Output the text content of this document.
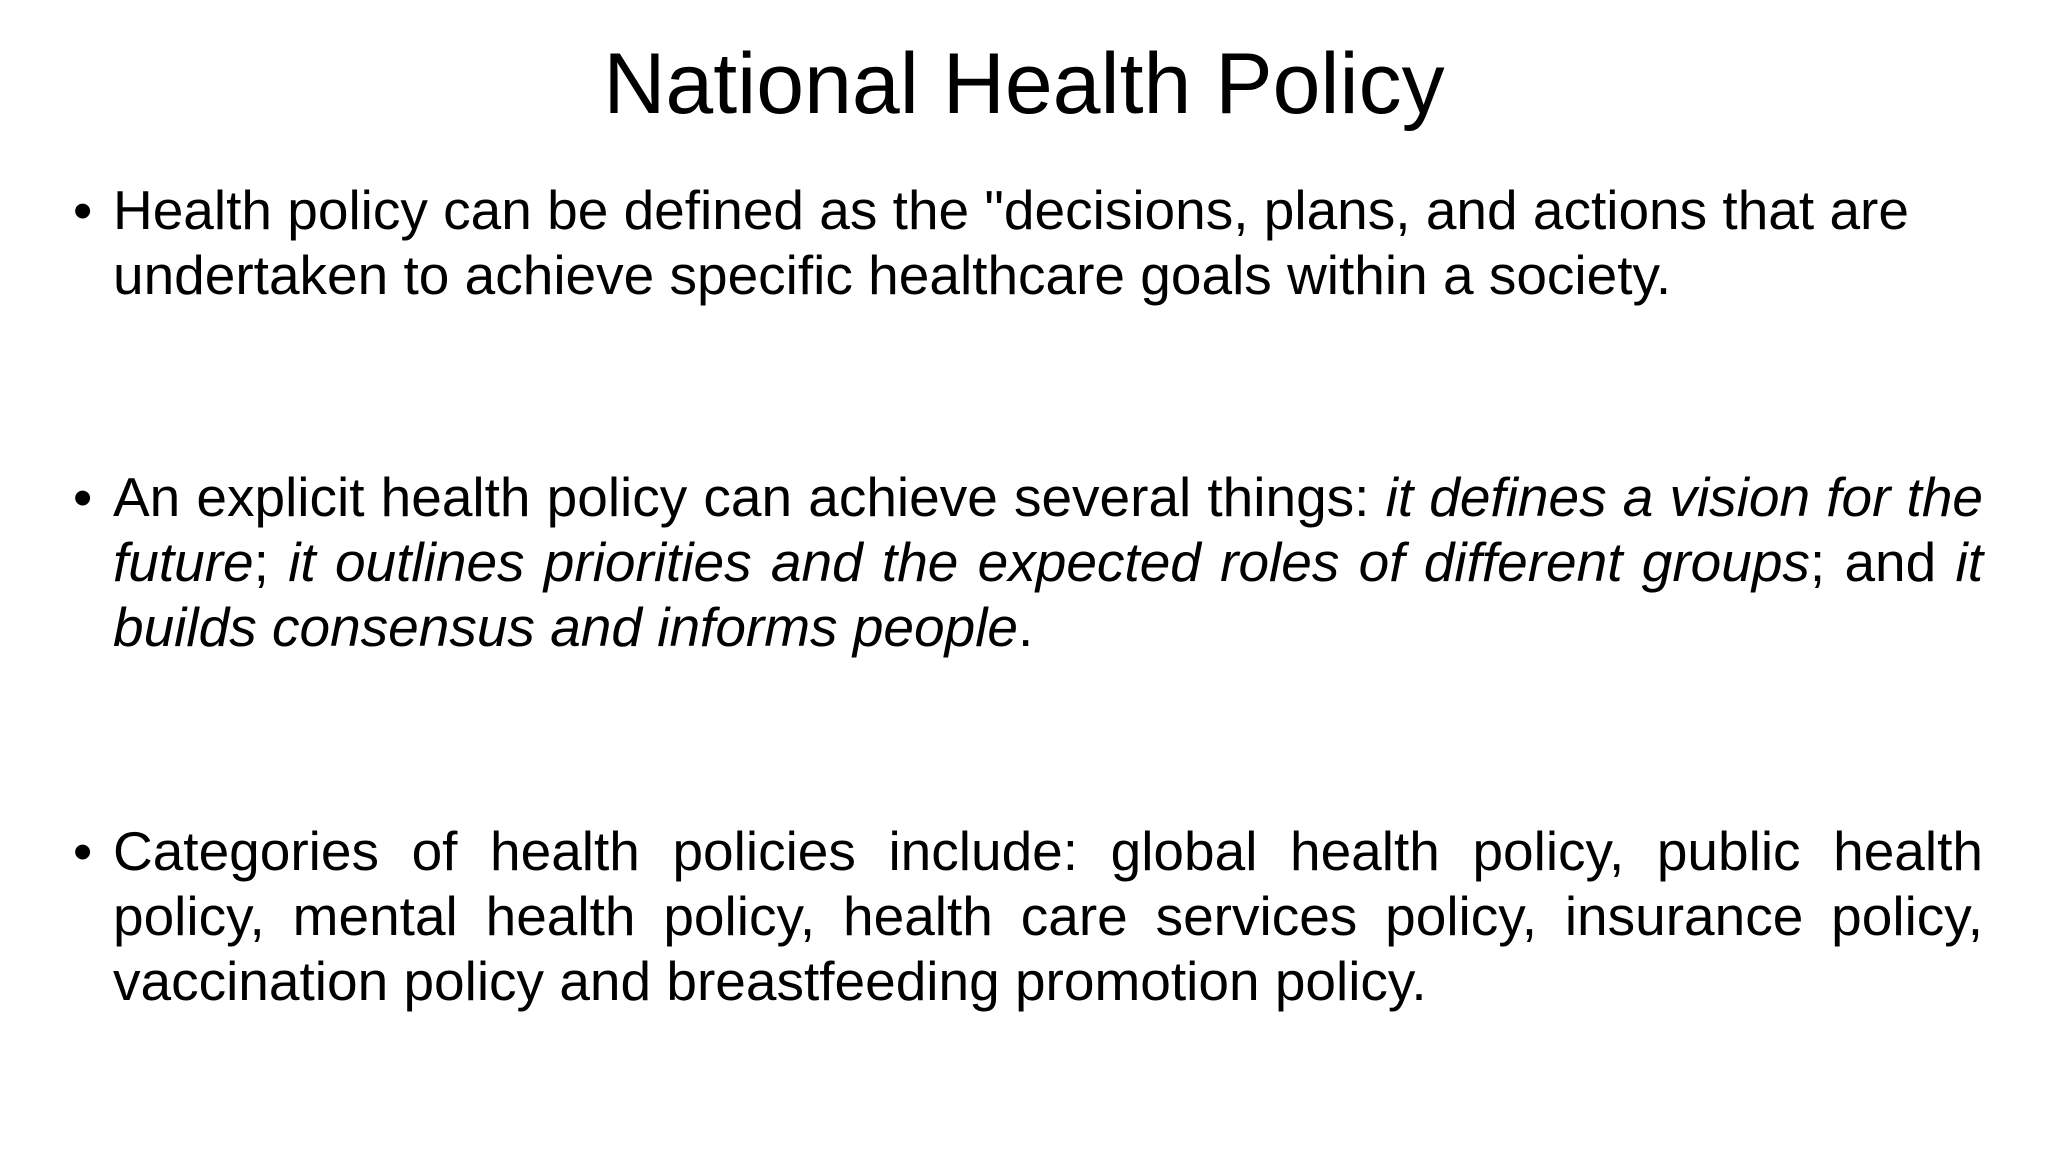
National Health Policy
• Health policy can be defined as the "decisions, plans, and actions that are undertaken to achieve specific healthcare goals within a society.
• An explicit health policy can achieve several things: it defines a vision for the future; it outlines priorities and the expected roles of different groups; and it builds consensus and informs people.
• Categories of health policies include: global health policy, public health policy, mental health policy, health care services policy, insurance policy, vaccination policy and breastfeeding promotion policy.
